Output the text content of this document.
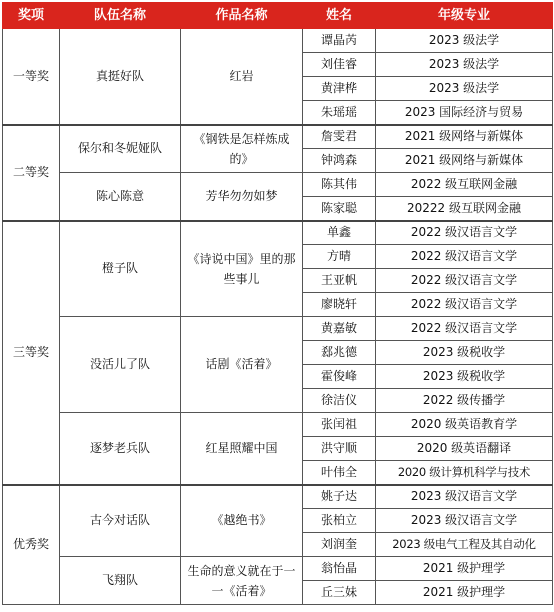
奖项	队伍名称	作品名称	姓名	年级专业
一等奖	真挺好队	红岩	谭晶芮	2023 级法学
			刘佳睿	2023 级法学
			黄津桦	2023 级法学
			朱瑶瑶	2023 国际经济与贸易
二等奖	保尔和冬妮娅队	《钢铁是怎样炼成的》	詹雯君	2021 级网络与新媒体
			钟鸿森	2021 级网络与新媒体
	陈心陈意	芳华勿勿如梦	陈其伟	2022 级互联网金融
			陈家聪	20222 级互联网金融
三等奖	橙子队	《诗说中国》里的那些事儿	单鑫	2022 级汉语言文学
			方晴	2022 级汉语言文学
			王亚帆	2022 级汉语言文学
			廖晓轩	2022 级汉语言文学
	没活儿了队	话剧《活着》	黄嘉敏	2022 级汉语言文学
			郄兆德	2023 级税收学
			霍俊峰	2023 级税收学
			徐洁仪	2022 级传播学
	逐梦老兵队	红星照耀中国	张闰祖	2020 级英语教育学
			洪守顺	2020 级英语翻译
			叶伟全	2020 级计算机科学与技术
优秀奖	古今对话队	《越绝书》	姚子达	2023 级汉语言文学
			张柏立	2023 级汉语言文学
			刘润奎	2023 级电气工程及其自动化
	飞翔队	生命的意义就在于一一《活着》	翁怡晶	2021 级护理学
			丘三妹	2021 级护理学
